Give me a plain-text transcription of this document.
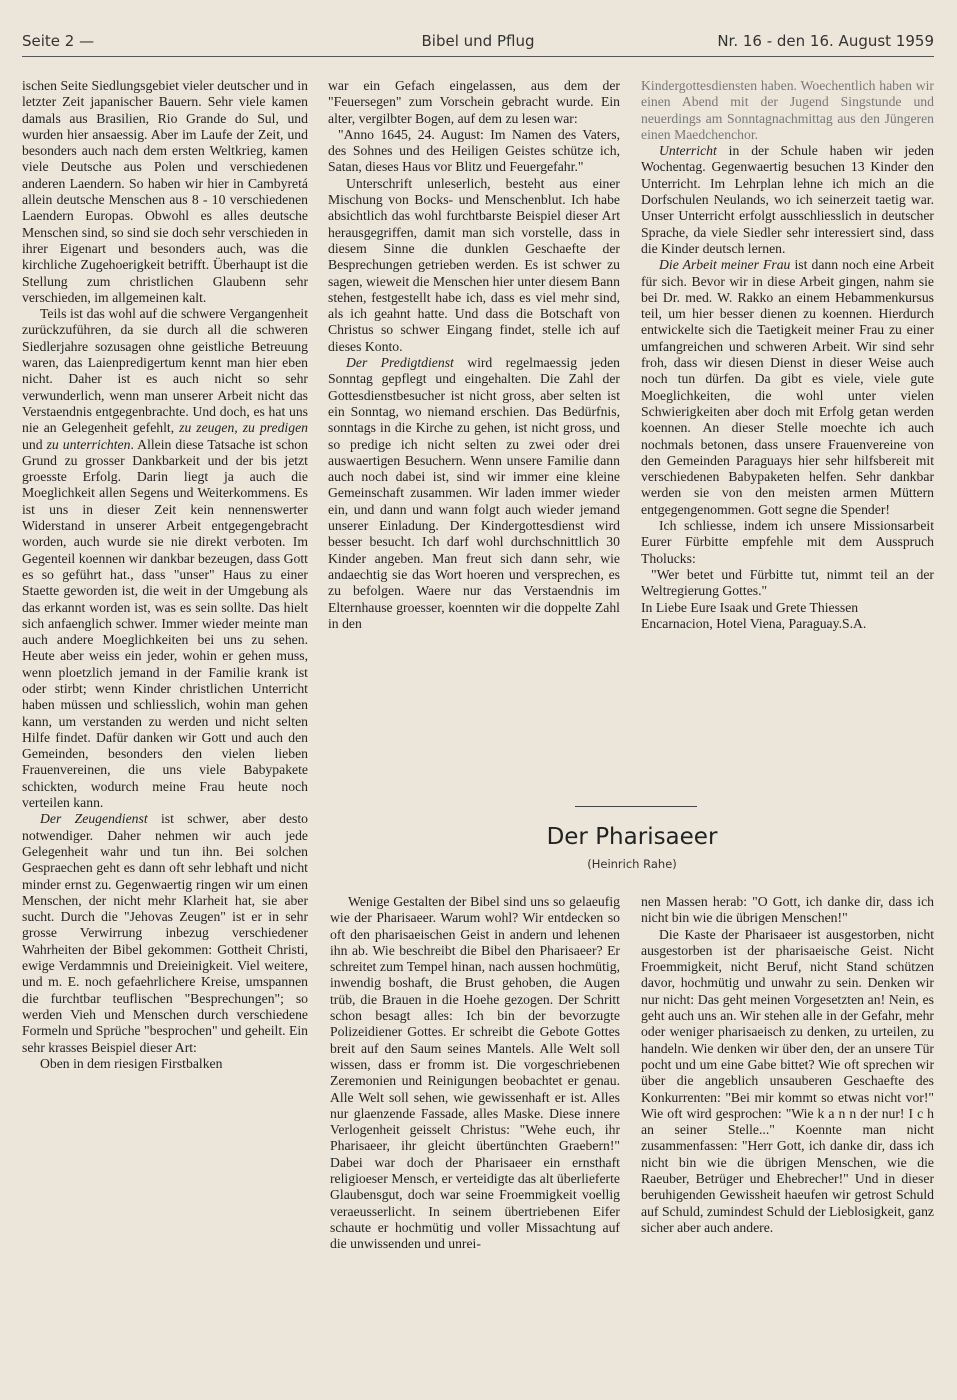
Seite 2 —	Bibel und Pflug	Nr. 16 - den 16. August 1959

ischen Seite Siedlungsgebiet vieler deutscher und in letzter Zeit japanischer Bauern. Sehr viele kamen damals aus Brasilien, Rio Grande do Sul, und wurden hier ansaessig. Aber im Laufe der Zeit, und besonders auch nach dem ersten Weltkrieg, kamen viele Deutsche aus Polen und verschiedenen anderen Laendern. So haben wir hier in Cambyretá allein deutsche Menschen aus 8 - 10 verschiedenen Laendern Europas. Obwohl es alles deutsche Menschen sind, so sind sie doch sehr verschieden in ihrer Eigenart und besonders auch, was die kirchliche Zugehoerigkeit betrifft. Überhaupt ist die Stellung zum christlichen Glaubenn sehr verschieden, im allgemeinen kalt.

Teils ist das wohl auf die schwere Vergangenheit zurückzuführen, da sie durch all die schweren Siedlerjahre sozusagen ohne geistliche Betreuung waren, das Laienpredigertum kennt man hier eben nicht. Daher ist es auch nicht so sehr verwunderlich, wenn man unserer Arbeit nicht das Verstaendnis entgegenbrachte. Und doch, es hat uns nie an Gelegenheit gefehlt, zu zeugen, zu predigen und zu unterrichten. Allein diese Tatsache ist schon Grund zu grosser Dankbarkeit und der bis jetzt groesste Erfolg. Darin liegt ja auch die Moeglichkeit allen Segens und Weiterkommens. Es ist uns in dieser Zeit kein nennenswerter Widerstand in unserer Arbeit entgegengebracht worden, auch wurde sie nie direkt verboten. Im Gegenteil koennen wir dankbar bezeugen, dass Gott es so geführt hat., dass "unser" Haus zu einer Staette geworden ist, die weit in der Umgebung als das erkannt worden ist, was es sein sollte. Das hielt sich anfaenglich schwer. Immer wieder meinte man auch andere Moeglichkeiten bei uns zu sehen. Heute aber weiss ein jeder, wohin er gehen muss, wenn ploetzlich jemand in der Familie krank ist oder stirbt; wenn Kinder christlichen Unterricht haben müssen und schliesslich, wohin man gehen kann, um verstanden zu werden und nicht selten Hilfe findet. Dafür danken wir Gott und auch den Gemeinden, besonders den vielen lieben Frauenvereinen, die uns viele Babypakete schickten, wodurch meine Frau heute noch verteilen kann.

Der Zeugendienst ist schwer, aber desto notwendiger. Daher nehmen wir auch jede Gelegenheit wahr und tun ihn. Bei solchen Gespraechen geht es dann oft sehr lebhaft und nicht minder ernst zu. Gegenwaertig ringen wir um einen Menschen, der nicht mehr Klarheit hat, sie aber sucht. Durch die "Jehovas Zeugen" ist er in sehr grosse Verwirrung inbezug verschiedener Wahrheiten der Bibel gekommen: Gottheit Christi, ewige Verdammnis und Dreieinigkeit. Viel weitere, und m. E. noch gefaehrlichere Kreise, umspannen die furchtbar teuflischen "Besprechungen"; so werden Vieh und Menschen durch verschiedene Formeln und Sprüche "besprochen" und geheilt. Ein sehr krasses Beispiel dieser Art:

Oben in dem riesigen Firstbalken

war ein Gefach eingelassen, aus dem der "Feuersegen" zum Vorschein gebracht wurde. Ein alter, vergilbter Bogen, auf dem zu lesen war:

"Anno 1645, 24. August: Im Namen des Vaters, des Sohnes und des Heiligen Geistes schütze ich, Satan, dieses Haus vor Blitz und Feuergefahr."

Unterschrift unleserlich, besteht aus einer Mischung von Bocks- und Menschenblut. Ich habe absichtlich das wohl furchtbarste Beispiel dieser Art herausgegriffen, damit man sich vorstelle, dass in diesem Sinne die dunklen Geschaefte der Besprechungen getrieben werden. Es ist schwer zu sagen, wieweit die Menschen hier unter diesem Bann stehen, festgestellt habe ich, dass es viel mehr sind, als ich geahnt hatte. Und dass die Botschaft von Christus so schwer Eingang findet, stelle ich auf dieses Konto.

Der Predigtdienst wird regelmaessig jeden Sonntag gepflegt und eingehalten. Die Zahl der Gottesdienstbesucher ist nicht gross, aber selten ist ein Sonntag, wo niemand erschien. Das Bedürfnis, sonntags in die Kirche zu gehen, ist nicht gross, und so predige ich nicht selten zu zwei oder drei auswaertigen Besuchern. Wenn unsere Familie dann auch noch dabei ist, sind wir immer eine kleine Gemeinschaft zusammen. Wir laden immer wieder ein, und dann und wann folgt auch wieder jemand unserer Einladung. Der Kindergottesdienst wird besser besucht. Ich darf wohl durchschnittlich 30 Kinder angeben. Man freut sich dann sehr, wie andaechtig sie das Wort hoeren und versprechen, es zu befolgen. Waere nur das Verstaendnis im Elternhause groesser, koennten wir die doppelte Zahl in den

Kindergottesdiensten haben. Woechentlich haben wir einen Abend mit der Jugend Singstunde und neuerdings am Sonntagnachmittag aus den Jüngeren einen Maedchenchor.

Unterricht in der Schule haben wir jeden Wochentag. Gegenwaertig besuchen 13 Kinder den Unterricht. Im Lehrplan lehne ich mich an die Dorfschulen Neulands, wo ich seinerzeit taetig war. Unser Unterricht erfolgt ausschliesslich in deutscher Sprache, da viele Siedler sehr interessiert sind, dass die Kinder deutsch lernen.

Die Arbeit meiner Frau ist dann noch eine Arbeit für sich. Bevor wir in diese Arbeit gingen, nahm sie bei Dr. med. W. Rakko an einem Hebammenkursus teil, um hier besser dienen zu koennen. Hierdurch entwickelte sich die Taetigkeit meiner Frau zu einer umfangreichen und schweren Arbeit. Wir sind sehr froh, dass wir diesen Dienst in dieser Weise auch noch tun dürfen. Da gibt es viele, viele gute Moeglichkeiten, die wohl unter vielen Schwierigkeiten aber doch mit Erfolg getan werden koennen. An dieser Stelle moechte ich auch nochmals betonen, dass unsere Frauenvereine von den Gemeinden Paraguays hier sehr hilfsbereit mit verschiedenen Babypaketen helfen. Sehr dankbar werden sie von den meisten armen Müttern entgegengenommen. Gott segne die Spender!

Ich schliesse, indem ich unsere Missionsarbeit Eurer Fürbitte empfehle mit dem Ausspruch Tholucks:

"Wer betet und Fürbitte tut, nimmt teil an der Weltregierung Gottes."

In Liebe Eure Isaak und Grete Thiessen

Encarnacion, Hotel Viena, Paraguay.S.A.

Der Pharisaeer
(Heinrich Rahe)

Wenige Gestalten der Bibel sind uns so gelaeufig wie der Pharisaeer. Warum wohl? Wir entdecken so oft den pharisaeischen Geist in andern und lehenen ihn ab. Wie beschreibt die Bibel den Pharisaeer? Er schreitet zum Tempel hinan, nach aussen hochmütig, inwendig boshaft, die Brust gehoben, die Augen trüb, die Brauen in die Hoehe gezogen. Der Schritt schon besagt alles: Ich bin der bevorzugte Polizeidiener Gottes. Er schreibt die Gebote Gottes breit auf den Saum seines Mantels. Alle Welt soll wissen, dass er fromm ist. Die vorgeschriebenen Zeremonien und Reinigungen beobachtet er genau. Alle Welt soll sehen, wie gewissenhaft er ist. Alles nur glaenzende Fassade, alles Maske. Diese innere Verlogenheit geisselt Christus: "Wehe euch, ihr Pharisaeer, ihr gleicht übertünchten Graebern!" Dabei war doch der Pharisaeer ein ernsthaft religioeser Mensch, er verteidigte das alt überlieferte Glaubensgut, doch war seine Froemmigkeit voellig veraeusserlicht. In seinem übertriebenen Eifer schaute er hochmütig und voller Missachtung auf die unwissenden und unrei-

nen Massen herab: "O Gott, ich danke dir, dass ich nicht bin wie die übrigen Menschen!"

Die Kaste der Pharisaeer ist ausgestorben, nicht ausgestorben ist der pharisaeische Geist. Nicht Froemmigkeit, nicht Beruf, nicht Stand schützen davor, hochmütig und unwahr zu sein. Denken wir nur nicht: Das geht meinen Vorgesetzten an! Nein, es geht auch uns an. Wir stehen alle in der Gefahr, mehr oder weniger pharisaeisch zu denken, zu urteilen, zu handeln. Wie denken wir über den, der an unsere Tür pocht und um eine Gabe bittet? Wie oft sprechen wir über die angeblich unsauberen Geschaefte des Konkurrenten: "Bei mir kommt so etwas nicht vor!" Wie oft wird gesprochen: "Wie k a n n der nur! I c h an seiner Stelle..." Koennte man nicht zusammenfassen: "Herr Gott, ich danke dir, dass ich nicht bin wie die übrigen Menschen, wie die Raeuber, Betrüger und Ehebrecher!" Und in dieser beruhigenden Gewissheit haeufen wir getrost Schuld auf Schuld, zumindest Schuld der Lieblosigkeit, ganz sicher aber auch andere.
